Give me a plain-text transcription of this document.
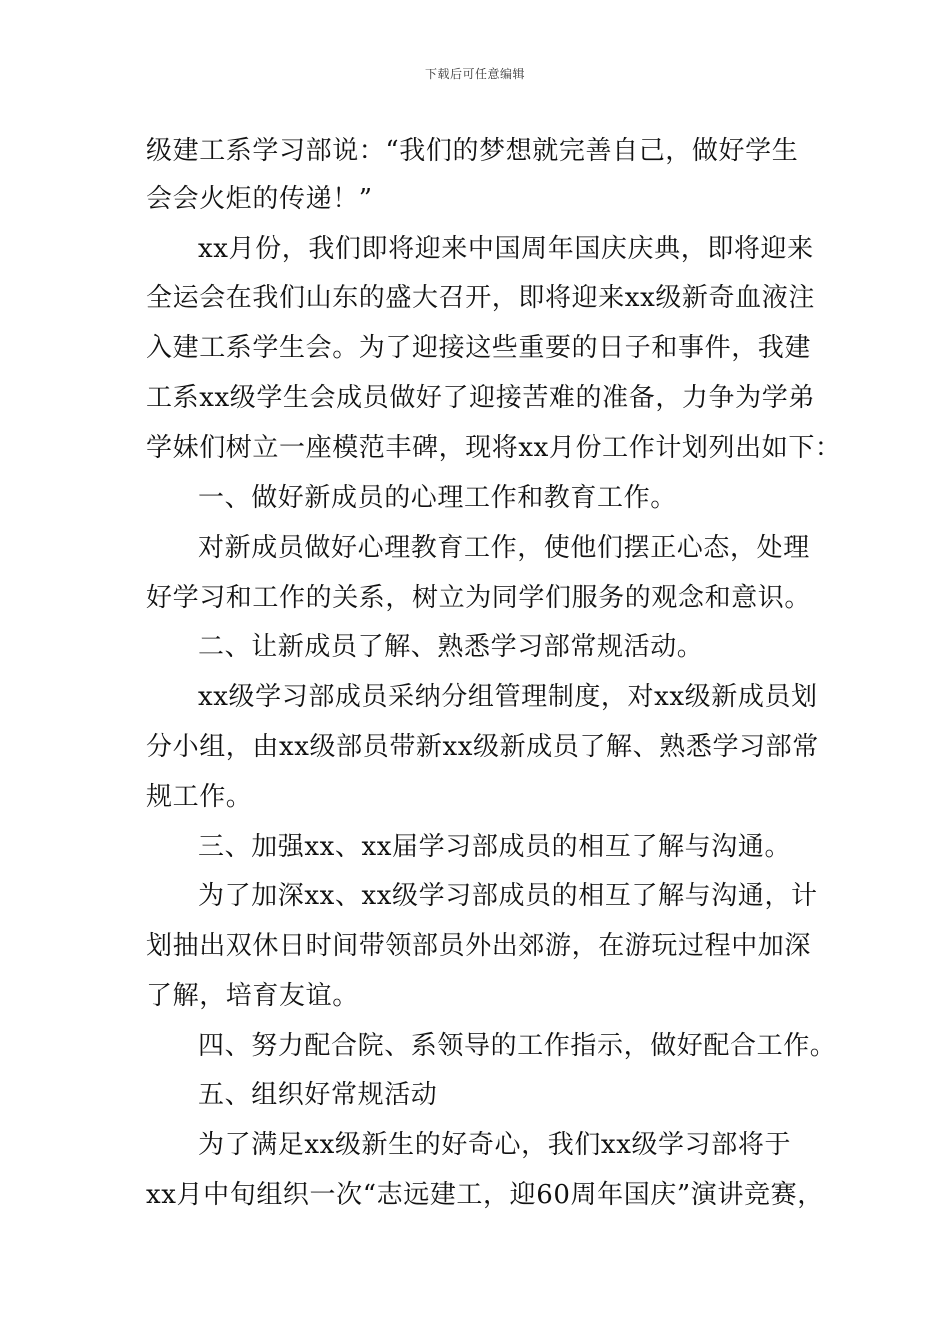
下载后可任意编辑
级建工系学习部说：“我们的梦想就完善自己，做好学生
会会火炬的传递！”
xx月份，我们即将迎来中国周年国庆庆典，即将迎来
全运会在我们山东的盛大召开，即将迎来xx级新奇血液注
入建工系学生会。为了迎接这些重要的日子和事件，我建
工系xx级学生会成员做好了迎接苦难的准备，力争为学弟
学妹们树立一座模范丰碑，现将xx月份工作计划列出如下：
一、做好新成员的心理工作和教育工作。
对新成员做好心理教育工作，使他们摆正心态，处理
好学习和工作的关系，树立为同学们服务的观念和意识。
二、让新成员了解、熟悉学习部常规活动。
xx级学习部成员采纳分组管理制度，对xx级新成员划
分小组，由xx级部员带新xx级新成员了解、熟悉学习部常
规工作。
三、加强xx、xx届学习部成员的相互了解与沟通。
为了加深xx、xx级学习部成员的相互了解与沟通，计
划抽出双休日时间带领部员外出郊游，在游玩过程中加深
了解，培育友谊。
四、努力配合院、系领导的工作指示，做好配合工作。
五、组织好常规活动
为了满足xx级新生的好奇心，我们xx级学习部将于
xx月中旬组织一次“志远建工，迎60周年国庆”演讲竞赛，
